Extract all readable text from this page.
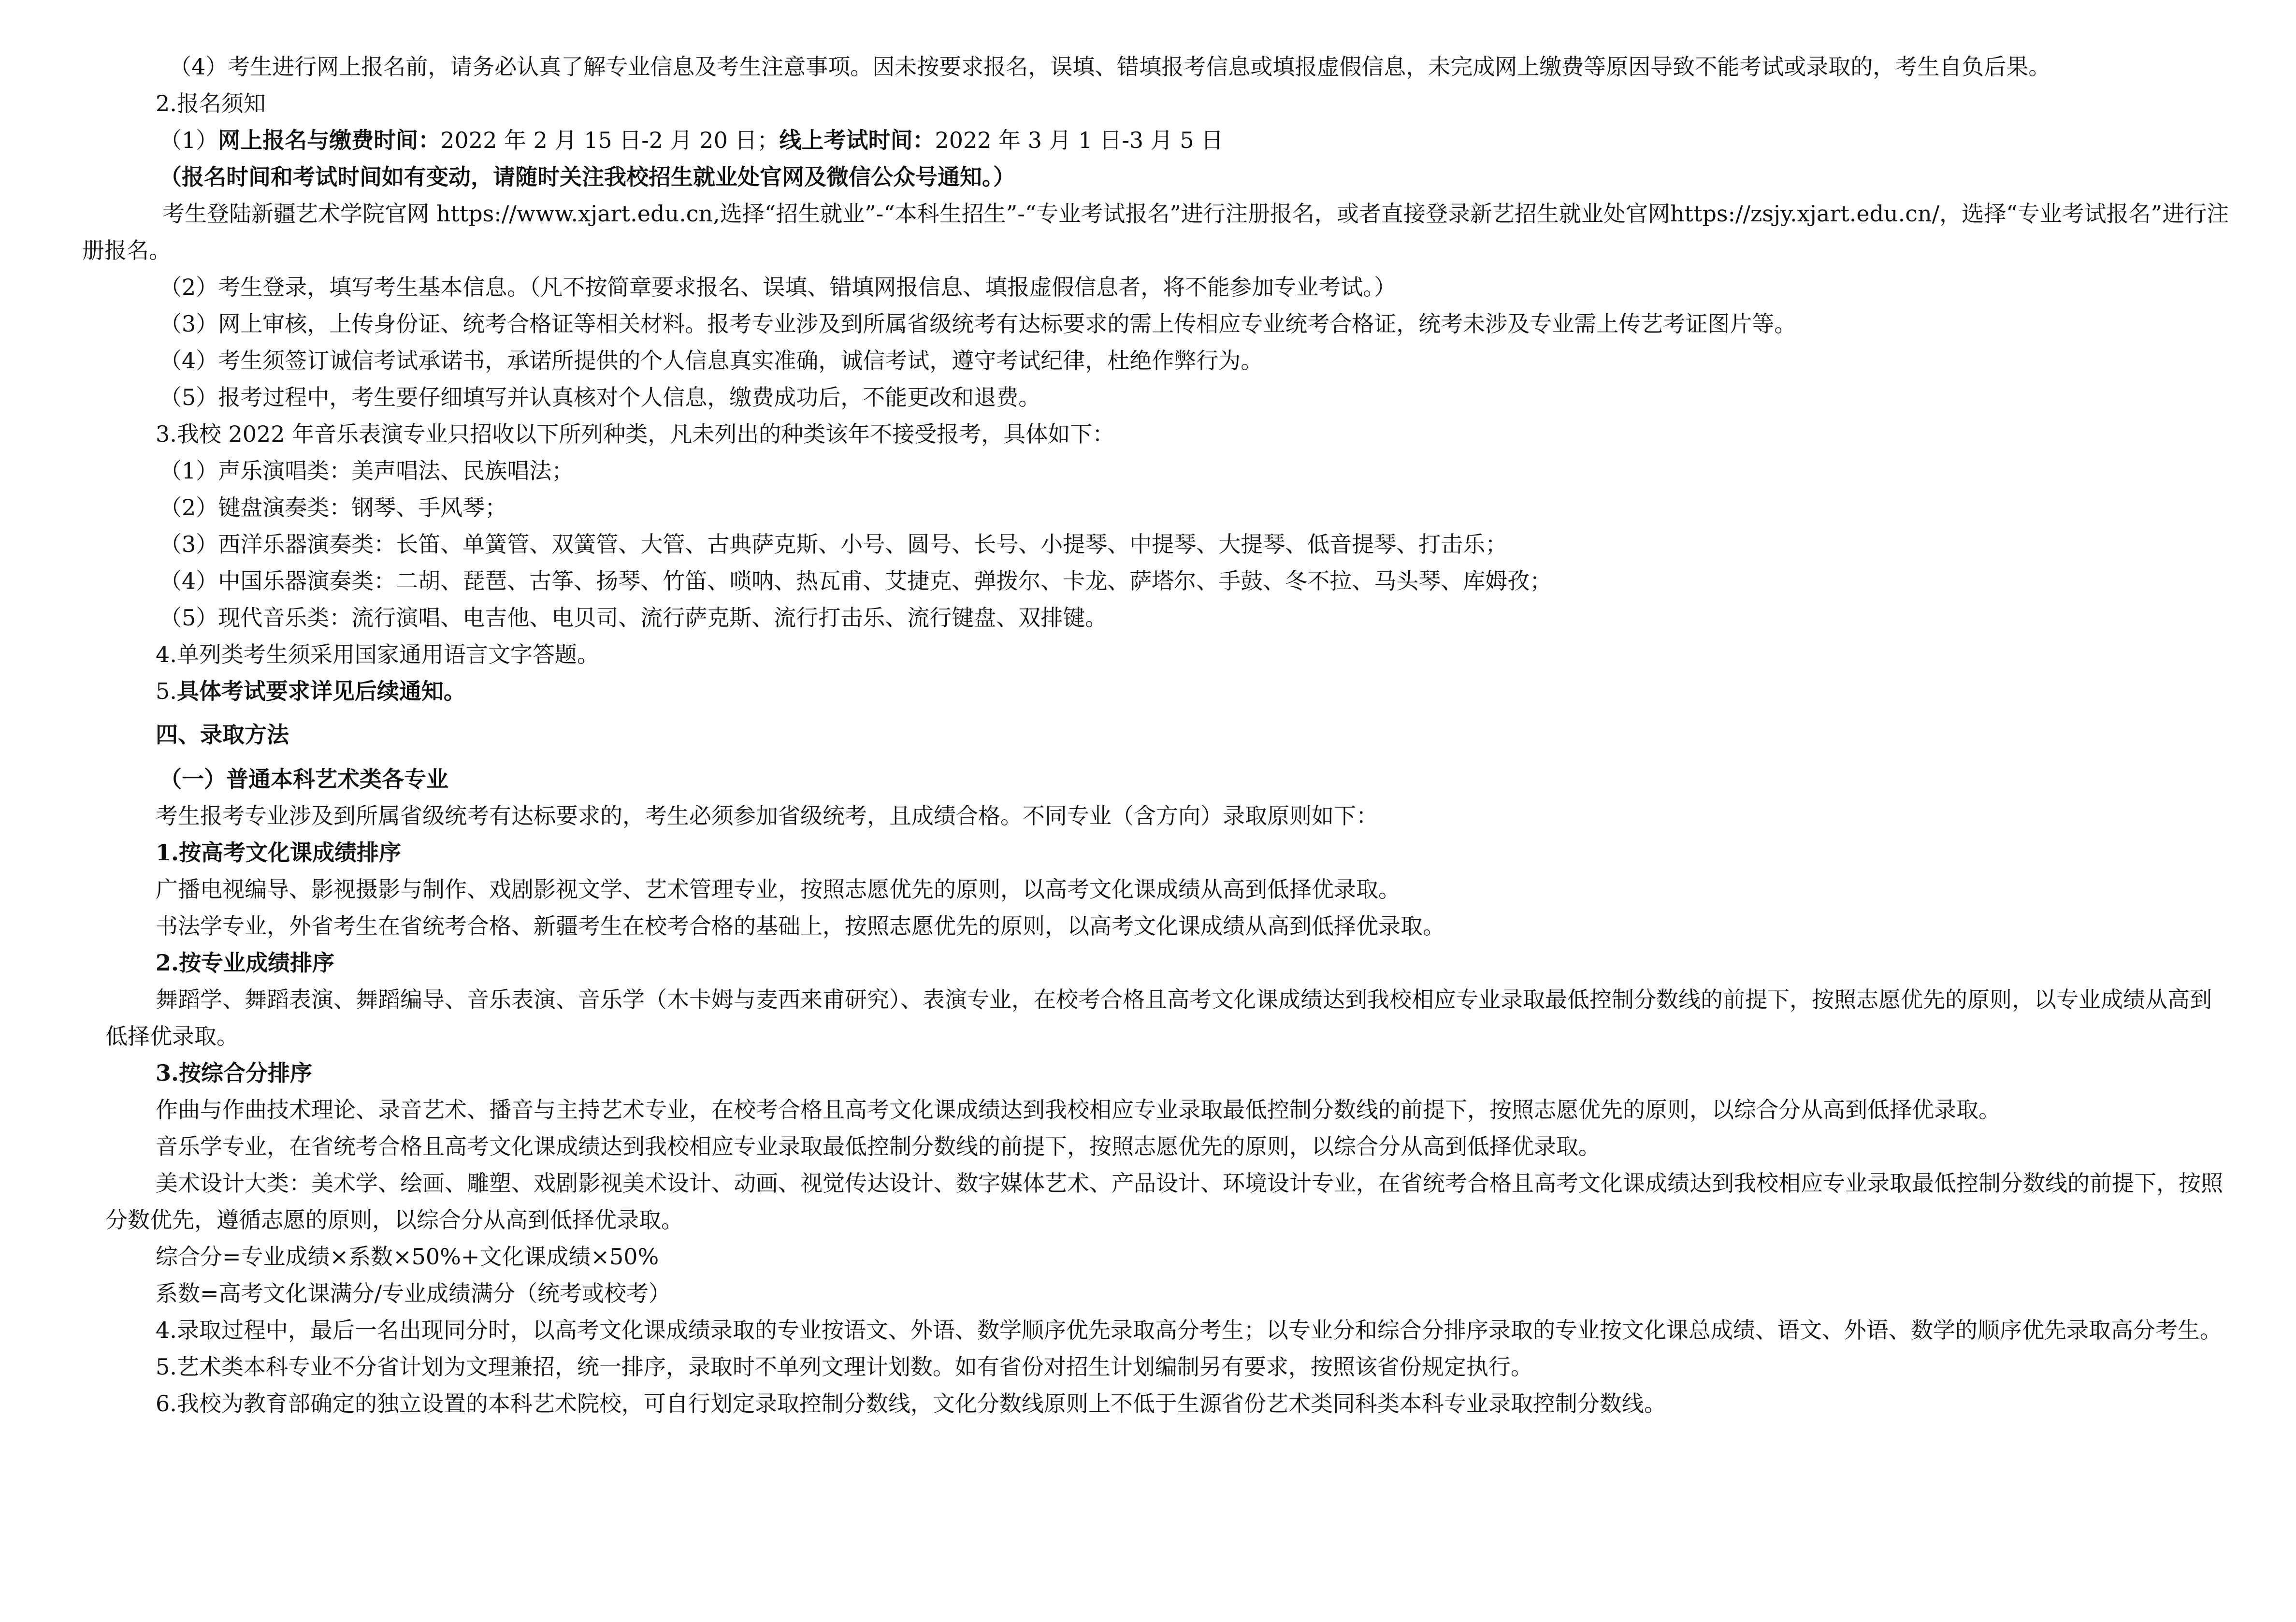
（4）考生进行网上报名前，请务必认真了解专业信息及考生注意事项。因未按要求报名，误填、错填报考信息或填报虚假信息，未完成网上缴费等原因导致不能考试或录取的，考生自负后果。

2.报名须知

（1）网上报名与缴费时间：2022 年 2 月 15 日-2 月 20 日；线上考试时间：2022 年 3 月 1 日-3 月 5 日

（报名时间和考试时间如有变动，请随时关注我校招生就业处官网及微信公众号通知。）

考生登陆新疆艺术学院官网 https://www.xjart.edu.cn,选择“招生就业”-“本科生招生”-“专业考试报名”进行注册报名，或者直接登录新艺招生就业处官网https://zsjy.xjart.edu.cn/，选择“专业考试报名”进行注册报名。

（2）考生登录，填写考生基本信息。（凡不按简章要求报名、误填、错填网报信息、填报虚假信息者，将不能参加专业考试。）

（3）网上审核，上传身份证、统考合格证等相关材料。报考专业涉及到所属省级统考有达标要求的需上传相应专业统考合格证，统考未涉及专业需上传艺考证图片等。

（4）考生须签订诚信考试承诺书，承诺所提供的个人信息真实准确，诚信考试，遵守考试纪律，杜绝作弊行为。

（5）报考过程中，考生要仔细填写并认真核对个人信息，缴费成功后，不能更改和退费。

3.我校 2022 年音乐表演专业只招收以下所列种类，凡未列出的种类该年不接受报考，具体如下：

（1）声乐演唱类：美声唱法、民族唱法；

（2）键盘演奏类：钢琴、手风琴；

（3）西洋乐器演奏类：长笛、单簧管、双簧管、大管、古典萨克斯、小号、圆号、长号、小提琴、中提琴、大提琴、低音提琴、打击乐；

（4）中国乐器演奏类：二胡、琵琶、古筝、扬琴、竹笛、唢呐、热瓦甫、艾捷克、弹拨尔、卡龙、萨塔尔、手鼓、冬不拉、马头琴、库姆孜；

（5）现代音乐类：流行演唱、电吉他、电贝司、流行萨克斯、流行打击乐、流行键盘、双排键。

4.单列类考生须采用国家通用语言文字答题。

5.具体考试要求详见后续通知。

四、录取方法

（一）普通本科艺术类各专业

考生报考专业涉及到所属省级统考有达标要求的，考生必须参加省级统考，且成绩合格。不同专业（含方向）录取原则如下：

1.按高考文化课成绩排序

广播电视编导、影视摄影与制作、戏剧影视文学、艺术管理专业，按照志愿优先的原则，以高考文化课成绩从高到低择优录取。

书法学专业，外省考生在省统考合格、新疆考生在校考合格的基础上，按照志愿优先的原则，以高考文化课成绩从高到低择优录取。

2.按专业成绩排序

舞蹈学、舞蹈表演、舞蹈编导、音乐表演、音乐学（木卡姆与麦西来甫研究）、表演专业，在校考合格且高考文化课成绩达到我校相应专业录取最低控制分数线的前提下，按照志愿优先的原则，以专业成绩从高到低择优录取。

3.按综合分排序

作曲与作曲技术理论、录音艺术、播音与主持艺术专业，在校考合格且高考文化课成绩达到我校相应专业录取最低控制分数线的前提下，按照志愿优先的原则，以综合分从高到低择优录取。

音乐学专业，在省统考合格且高考文化课成绩达到我校相应专业录取最低控制分数线的前提下，按照志愿优先的原则，以综合分从高到低择优录取。

美术设计大类：美术学、绘画、雕塑、戏剧影视美术设计、动画、视觉传达设计、数字媒体艺术、产品设计、环境设计专业，在省统考合格且高考文化课成绩达到我校相应专业录取最低控制分数线的前提下，按照分数优先，遵循志愿的原则，以综合分从高到低择优录取。

综合分=专业成绩×系数×50%+文化课成绩×50%

系数=高考文化课满分/专业成绩满分（统考或校考）

4.录取过程中，最后一名出现同分时，以高考文化课成绩录取的专业按语文、外语、数学顺序优先录取高分考生；以专业分和综合分排序录取的专业按文化课总成绩、语文、外语、数学的顺序优先录取高分考生。

5.艺术类本科专业不分省计划为文理兼招，统一排序，录取时不单列文理计划数。如有省份对招生计划编制另有要求，按照该省份规定执行。

6.我校为教育部确定的独立设置的本科艺术院校，可自行划定录取控制分数线，文化分数线原则上不低于生源省份艺术类同科类本科专业录取控制分数线。
